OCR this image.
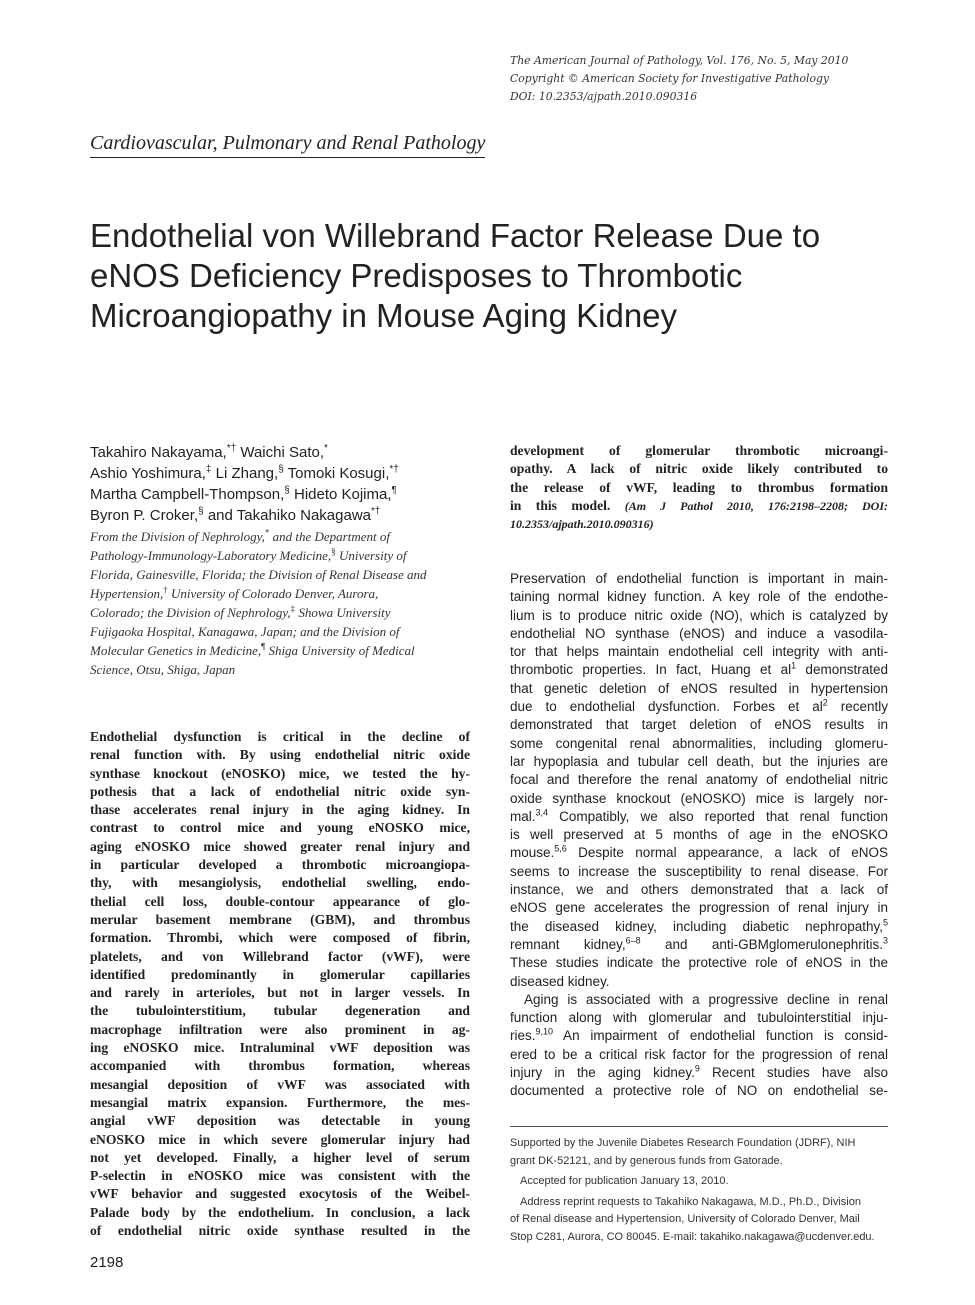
The American Journal of Pathology, Vol. 176, No. 5, May 2010
Copyright © American Society for Investigative Pathology
DOI: 10.2353/ajpath.2010.090316
Cardiovascular, Pulmonary and Renal Pathology
Endothelial von Willebrand Factor Release Due to
eNOS Deficiency Predisposes to Thrombotic
Microangiopathy in Mouse Aging Kidney
Takahiro Nakayama,*† Waichi Sato,*
Ashio Yoshimura,‡ Li Zhang,§ Tomoki Kosugi,*†
Martha Campbell-Thompson,§ Hideto Kojima,¶
Byron P. Croker,§ and Takahiko Nakagawa*†
From the Division of Nephrology,* and the Department of
Pathology-Immunology-Laboratory Medicine,§ University of
Florida, Gainesville, Florida; the Division of Renal Disease and
Hypertension,† University of Colorado Denver, Aurora,
Colorado; the Division of Nephrology,‡ Showa University
Fujigaoka Hospital, Kanagawa, Japan; and the Division of
Molecular Genetics in Medicine,¶ Shiga University of Medical
Science, Otsu, Shiga, Japan
Endothelial dysfunction is critical in the decline of
renal function with. By using endothelial nitric oxide
synthase knockout (eNOSKO) mice, we tested the hy-
pothesis that a lack of endothelial nitric oxide syn-
thase accelerates renal injury in the aging kidney. In
contrast to control mice and young eNOSKO mice,
aging eNOSKO mice showed greater renal injury and
in particular developed a thrombotic microangiopa-
thy, with mesangiolysis, endothelial swelling, endo-
thelial cell loss, double-contour appearance of glo-
merular basement membrane (GBM), and thrombus
formation. Thrombi, which were composed of fibrin,
platelets, and von Willebrand factor (vWF), were
identified predominantly in glomerular capillaries
and rarely in arterioles, but not in larger vessels. In
the tubulointerstitium, tubular degeneration and
macrophage infiltration were also prominent in ag-
ing eNOSKO mice. Intraluminal vWF deposition was
accompanied with thrombus formation, whereas
mesangial deposition of vWF was associated with
mesangial matrix expansion. Furthermore, the mes-
angial vWF deposition was detectable in young
eNOSKO mice in which severe glomerular injury had
not yet developed. Finally, a higher level of serum
P-selectin in eNOSKO mice was consistent with the
vWF behavior and suggested exocytosis of the Weibel-
Palade body by the endothelium. In conclusion, a lack
of endothelial nitric oxide synthase resulted in the
development of glomerular thrombotic microangi-
opathy. A lack of nitric oxide likely contributed to
the release of vWF, leading to thrombus formation
in this model. (Am J Pathol 2010, 176:2198–2208; DOI:
10.2353/ajpath.2010.090316)
Preservation of endothelial function is important in main-
taining normal kidney function. A key role of the endothe-
lium is to produce nitric oxide (NO), which is catalyzed by
endothelial NO synthase (eNOS) and induce a vasodila-
tor that helps maintain endothelial cell integrity with anti-
thrombotic properties. In fact, Huang et $al^1$ demonstrated
that genetic deletion of eNOS resulted in hypertension
due to endothelial dysfunction. Forbes et $al^2$ recently
demonstrated that target deletion of eNOS results in
some congenital renal abnormalities, including glomeru-
lar hypoplasia and tubular cell death, but the injuries are
focal and therefore the renal anatomy of endothelial nitric
oxide synthase knockout (eNOSKO) mice is largely nor-
mal.$^{3,4}$ Compatibly, we also reported that renal function
is well preserved at 5 months of age in the eNOSKO
mouse.$^{5,6}$ Despite normal appearance, a lack of eNOS
seems to increase the susceptibility to renal disease. For
instance, we and others demonstrated that a lack of
eNOS gene accelerates the progression of renal injury in
the diseased kidney, including diabetic nephropathy,$^5$
remnant kidney,$^{6-8}$ and anti-GBMglomerulonephritis.$^3$
These studies indicate the protective role of eNOS in the
diseased kidney.
Aging is associated with a progressive decline in renal
function along with glomerular and tubulointerstitial inju-
ries.$^{9,10}$ An impairment of endothelial function is consid-
ered to be a critical risk factor for the progression of renal
injury in the aging kidney.$^9$ Recent studies have also
documented a protective role of NO on endothelial se-
Supported by the Juvenile Diabetes Research Foundation (JDRF), NIH
grant DK-52121, and by generous funds from Gatorade.
Accepted for publication January 13, 2010.
Address reprint requests to Takahiko Nakagawa, M.D., Ph.D., Division
of Renal disease and Hypertension, University of Colorado Denver, Mail
Stop C281, Aurora, CO 80045. E-mail: takahiko.nakagawa@ucdenver.edu.
2198
